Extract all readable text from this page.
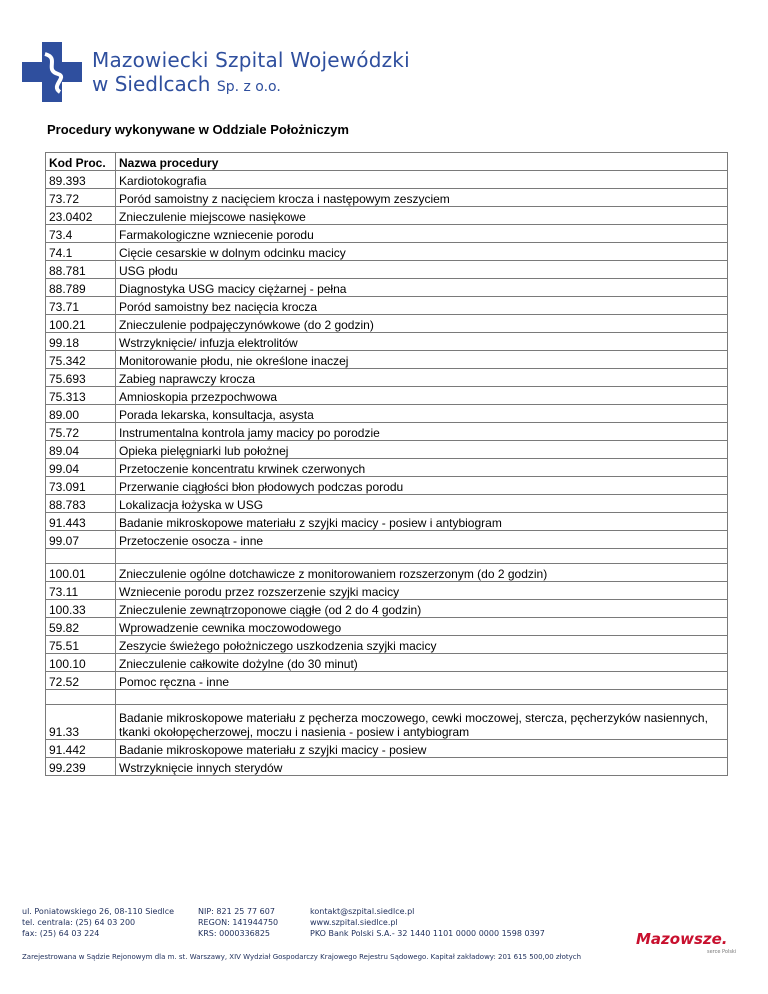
Mazowiecki Szpital Wojewódzki
w Siedlcach Sp. z o.o.
Procedury wykonywane w Oddziale Położniczym
Kod Proc.	Nazwa procedury
89.393	Kardiotokografia
73.72	Poród samoistny z nacięciem krocza i następowym zeszyciem
23.0402	Znieczulenie miejscowe nasiękowe
73.4	Farmakologiczne wzniecenie porodu
74.1	Cięcie cesarskie w dolnym odcinku macicy
88.781	USG płodu
88.789	Diagnostyka USG macicy ciężarnej - pełna
73.71	Poród samoistny bez nacięcia krocza
100.21	Znieczulenie podpajęczynówkowe (do 2 godzin)
99.18	Wstrzyknięcie/ infuzja elektrolitów
75.342	Monitorowanie płodu, nie określone inaczej
75.693	Zabieg naprawczy krocza
75.313	Amnioskopia przezpochwowa
89.00	Porada lekarska, konsultacja, asysta
75.72	Instrumentalna kontrola jamy macicy po porodzie
89.04	Opieka pielęgniarki lub położnej
99.04	Przetoczenie koncentratu krwinek czerwonych
73.091	Przerwanie ciągłości błon płodowych podczas porodu
88.783	Lokalizacja łożyska w USG
91.443	Badanie mikroskopowe materiału z szyjki macicy - posiew i antybiogram
99.07	Przetoczenie osocza - inne

100.01	Znieczulenie ogólne dotchawicze z monitorowaniem rozszerzonym (do 2 godzin)
73.11	Wzniecenie porodu przez rozszerzenie szyjki macicy
100.33	Znieczulenie zewnątrzoponowe ciągłe (od 2 do 4 godzin)
59.82	Wprowadzenie cewnika moczowodowego
75.51	Zeszycie świeżego położniczego uszkodzenia szyjki macicy
100.10	Znieczulenie całkowite dożylne (do 30 minut)
72.52	Pomoc ręczna - inne

91.33	Badanie mikroskopowe materiału z pęcherza moczowego, cewki moczowej, stercza, pęcherzyków nasiennych, tkanki okołopęcherzowej, moczu i nasienia - posiew i antybiogram
91.442	Badanie mikroskopowe materiału z szyjki macicy - posiew
99.239	Wstrzyknięcie innych sterydów
ul. Poniatowskiego 26, 08-110 Siedlce
tel. centrala: (25) 64 03 200
fax: (25) 64 03 224
NIP: 821 25 77 607
REGON: 141944750
KRS: 0000336825
kontakt@szpital.siedlce.pl
www.szpital.siedlce.pl
PKO Bank Polski S.A.- 32 1440 1101 0000 0000 1598 0397
Zarejestrowana w Sądzie Rejonowym dla m. st. Warszawy, XIV Wydział Gospodarczy Krajowego Rejestru Sądowego. Kapitał zakładowy: 201 615 500,00 złotych
Mazowsze.
serce Polski
